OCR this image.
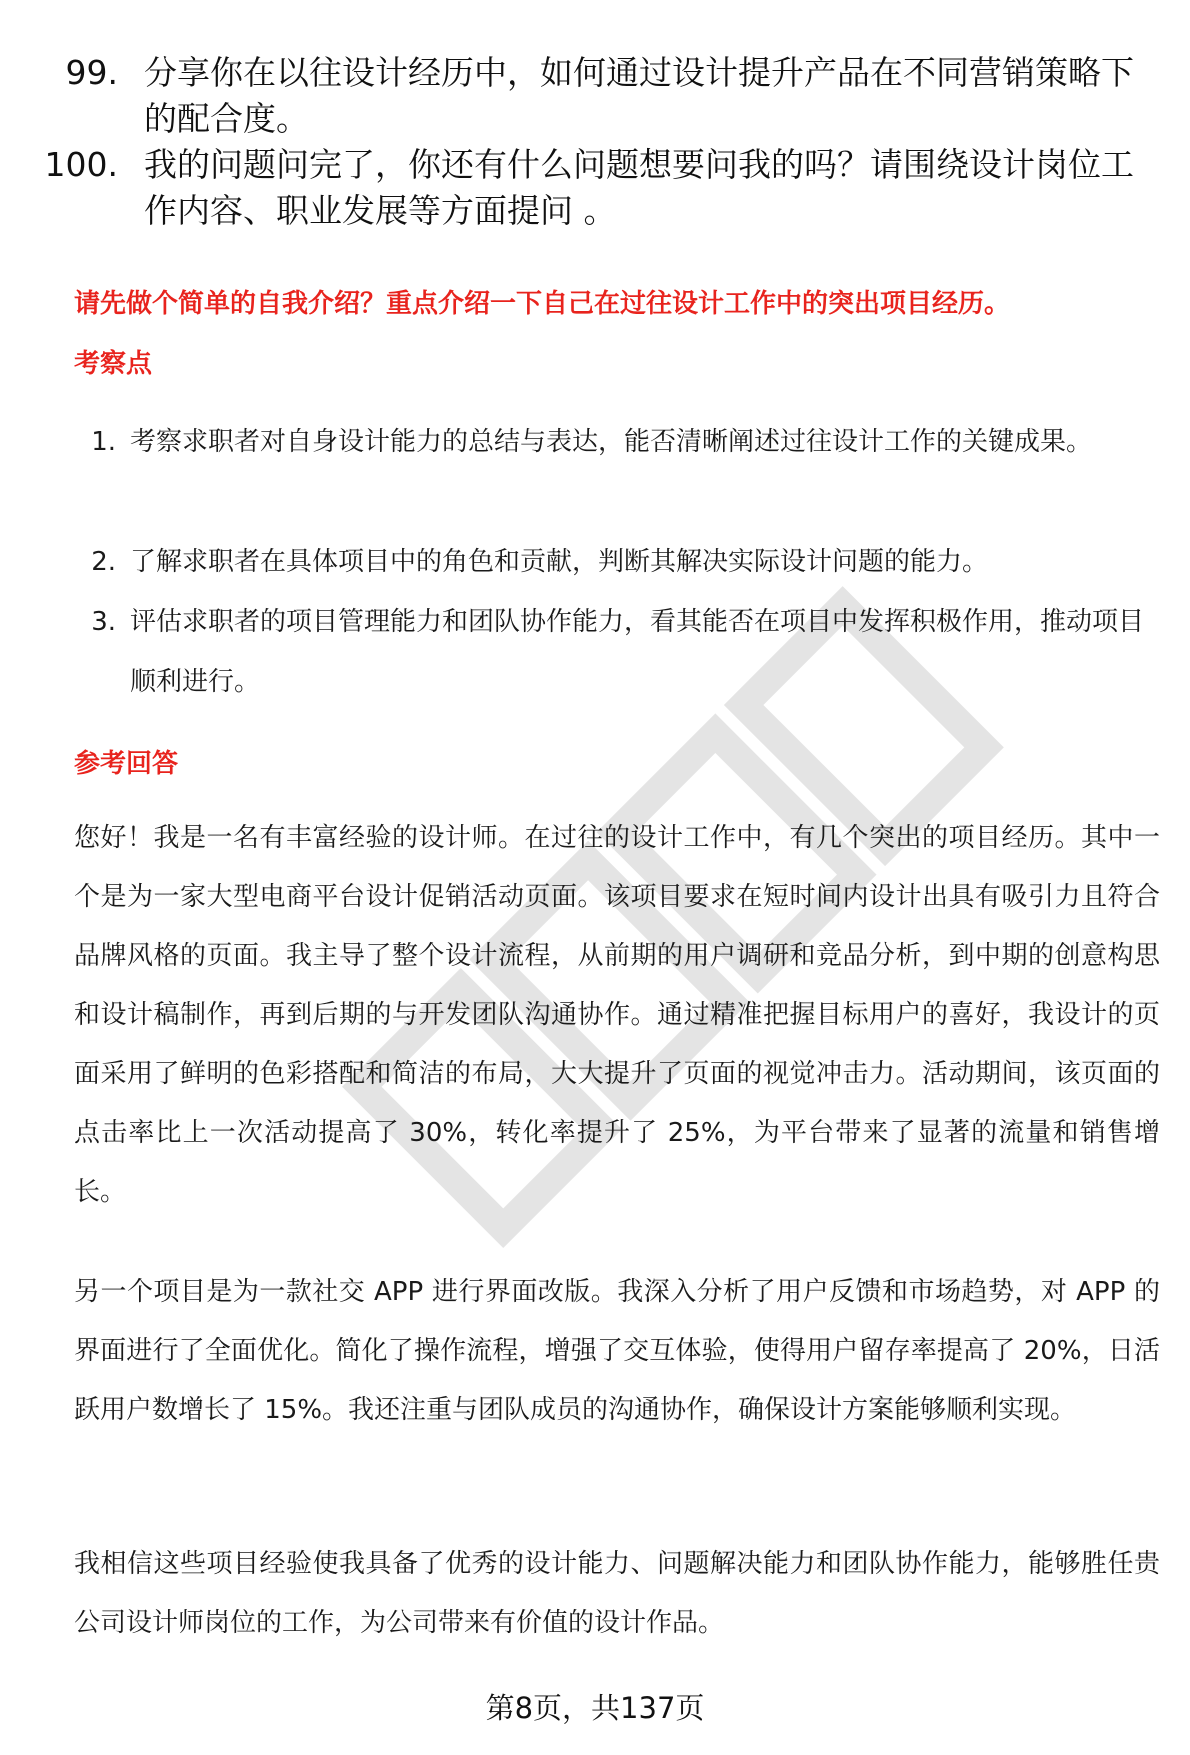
99. 分享你在以往设计经历中，如何通过设计提升产品在不同营销策略下的配合度。
100. 我的问题问完了，你还有什么问题想要问我的吗？请围绕设计岗位工作内容、职业发展等方面提问 。
请先做个简单的自我介绍？重点介绍一下自己在过往设计工作中的突出项目经历。
考察点
1. 考察求职者对自身设计能力的总结与表达，能否清晰阐述过往设计工作的关键成果。
2. 了解求职者在具体项目中的角色和贡献，判断其解决实际设计问题的能力。
3. 评估求职者的项目管理能力和团队协作能力，看其能否在项目中发挥积极作用，推动项目顺利进行。
参考回答
您好！我是一名有丰富经验的设计师。在过往的设计工作中，有几个突出的项目经历。其中一个是为一家大型电商平台设计促销活动页面。该项目要求在短时间内设计出具有吸引力且符合品牌风格的页面。我主导了整个设计流程，从前期的用户调研和竞品分析，到中期的创意构思和设计稿制作，再到后期的与开发团队沟通协作。通过精准把握目标用户的喜好，我设计的页面采用了鲜明的色彩搭配和简洁的布局，大大提升了页面的视觉冲击力。活动期间，该页面的点击率比上一次活动提高了 30%，转化率提升了 25%，为平台带来了显著的流量和销售增长。
另一个项目是为一款社交 APP 进行界面改版。我深入分析了用户反馈和市场趋势，对 APP 的界面进行了全面优化。简化了操作流程，增强了交互体验，使得用户留存率提高了 20%，日活跃用户数增长了 15%。我还注重与团队成员的沟通协作，确保设计方案能够顺利实现。
我相信这些项目经验使我具备了优秀的设计能力、问题解决能力和团队协作能力，能够胜任贵公司设计师岗位的工作，为公司带来有价值的设计作品。
第8页，共137页
